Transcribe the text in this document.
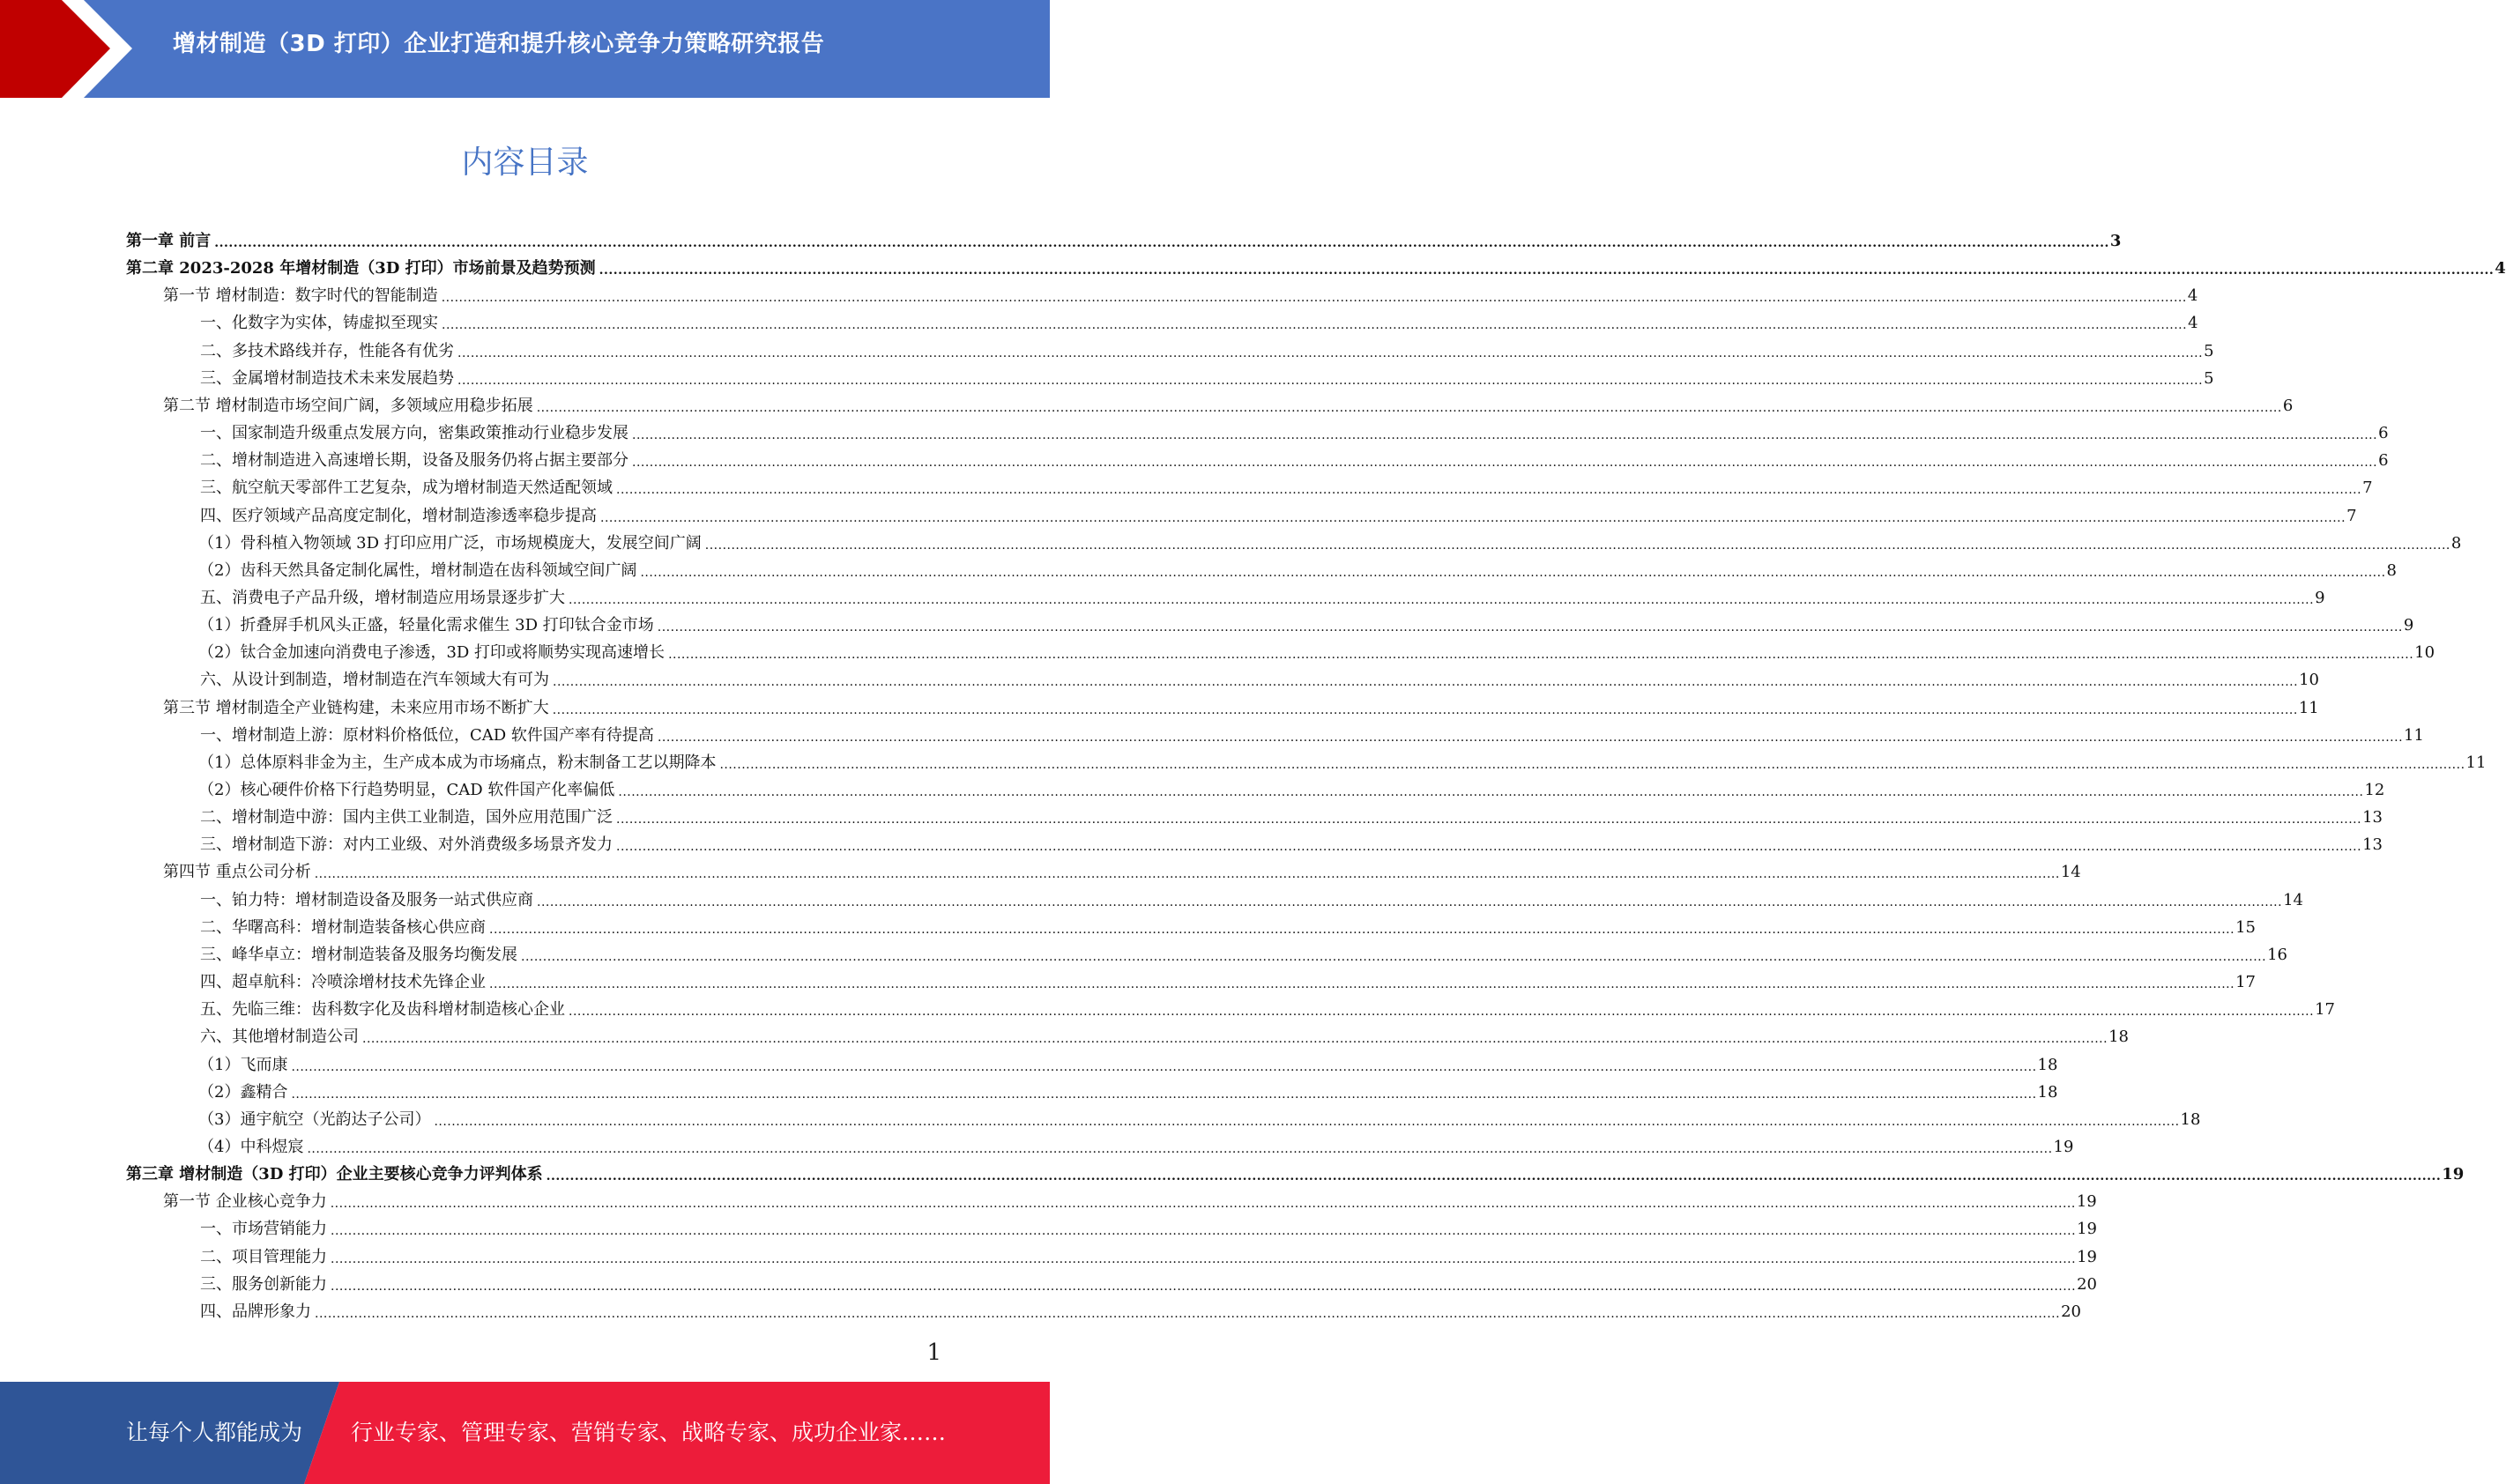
增材制造（3D 打印）企业打造和提升核心竞争力策略研究报告
内容目录
第一章 前言 ................................................................................................................................................................................................................................................................................................................................................................................................................ 3
第二章 2023-2028 年增材制造（3D 打印）市场前景及趋势预测 ................................................................................................................................................................................................................................................................................................................................................................................................................ 4
第一节 增材制造：数字时代的智能制造 ................................................................................................................................................................................................................................................................................................................................................................................................................ 4
一、化数字为实体，铸虚拟至现实 ................................................................................................................................................................................................................................................................................................................................................................................................................ 4
二、多技术路线并存，性能各有优劣 ................................................................................................................................................................................................................................................................................................................................................................................................................ 5
三、金属增材制造技术未来发展趋势 ................................................................................................................................................................................................................................................................................................................................................................................................................ 5
第二节 增材制造市场空间广阔，多领域应用稳步拓展 ................................................................................................................................................................................................................................................................................................................................................................................................................ 6
一、国家制造升级重点发展方向，密集政策推动行业稳步发展 ................................................................................................................................................................................................................................................................................................................................................................................................................ 6
二、增材制造进入高速增长期，设备及服务仍将占据主要部分 ................................................................................................................................................................................................................................................................................................................................................................................................................ 6
三、航空航天零部件工艺复杂，成为增材制造天然适配领域 ................................................................................................................................................................................................................................................................................................................................................................................................................ 7
四、医疗领域产品高度定制化，增材制造渗透率稳步提高 ................................................................................................................................................................................................................................................................................................................................................................................................................ 7
（1）骨科植入物领域 3D 打印应用广泛，市场规模庞大，发展空间广阔 ................................................................................................................................................................................................................................................................................................................................................................................................................ 8
（2）齿科天然具备定制化属性，增材制造在齿科领域空间广阔 ................................................................................................................................................................................................................................................................................................................................................................................................................ 8
五、消费电子产品升级，增材制造应用场景逐步扩大 ................................................................................................................................................................................................................................................................................................................................................................................................................ 9
（1）折叠屏手机风头正盛，轻量化需求催生 3D 打印钛合金市场 ................................................................................................................................................................................................................................................................................................................................................................................................................ 9
（2）钛合金加速向消费电子渗透，3D 打印或将顺势实现高速增长 ................................................................................................................................................................................................................................................................................................................................................................................................................ 10
六、从设计到制造，增材制造在汽车领域大有可为 ................................................................................................................................................................................................................................................................................................................................................................................................................ 10
第三节 增材制造全产业链构建，未来应用市场不断扩大 ................................................................................................................................................................................................................................................................................................................................................................................................................ 11
一、增材制造上游：原材料价格低位，CAD 软件国产率有待提高 ................................................................................................................................................................................................................................................................................................................................................................................................................ 11
（1）总体原料非金为主，生产成本成为市场痛点，粉末制备工艺以期降本 ................................................................................................................................................................................................................................................................................................................................................................................................................ 11
（2）核心硬件价格下行趋势明显，CAD 软件国产化率偏低 ................................................................................................................................................................................................................................................................................................................................................................................................................ 12
二、增材制造中游：国内主供工业制造，国外应用范围广泛 ................................................................................................................................................................................................................................................................................................................................................................................................................ 13
三、增材制造下游：对内工业级、对外消费级多场景齐发力 ................................................................................................................................................................................................................................................................................................................................................................................................................ 13
第四节 重点公司分析 ................................................................................................................................................................................................................................................................................................................................................................................................................ 14
一、铂力特：增材制造设备及服务一站式供应商 ................................................................................................................................................................................................................................................................................................................................................................................................................ 14
二、华曙高科：增材制造装备核心供应商 ................................................................................................................................................................................................................................................................................................................................................................................................................ 15
三、峰华卓立：增材制造装备及服务均衡发展 ................................................................................................................................................................................................................................................................................................................................................................................................................ 16
四、超卓航科：冷喷涂增材技术先锋企业 ................................................................................................................................................................................................................................................................................................................................................................................................................ 17
五、先临三维：齿科数字化及齿科增材制造核心企业 ................................................................................................................................................................................................................................................................................................................................................................................................................ 17
六、其他增材制造公司 ................................................................................................................................................................................................................................................................................................................................................................................................................ 18
（1）飞而康 ................................................................................................................................................................................................................................................................................................................................................................................................................ 18
（2）鑫精合 ................................................................................................................................................................................................................................................................................................................................................................................................................ 18
（3）通宇航空（光韵达子公司） ................................................................................................................................................................................................................................................................................................................................................................................................................ 18
（4）中科煜宸 ................................................................................................................................................................................................................................................................................................................................................................................................................ 19
第三章 增材制造（3D 打印）企业主要核心竞争力评判体系 ................................................................................................................................................................................................................................................................................................................................................................................................................ 19
第一节 企业核心竞争力 ................................................................................................................................................................................................................................................................................................................................................................................................................ 19
一、市场营销能力 ................................................................................................................................................................................................................................................................................................................................................................................................................ 19
二、项目管理能力 ................................................................................................................................................................................................................................................................................................................................................................................................................ 19
三、服务创新能力 ................................................................................................................................................................................................................................................................................................................................................................................................................ 20
四、品牌形象力 ................................................................................................................................................................................................................................................................................................................................................................................................................ 20
1
让每个人都能成为 行业专家、管理专家、营销专家、战略专家、成功企业家……
